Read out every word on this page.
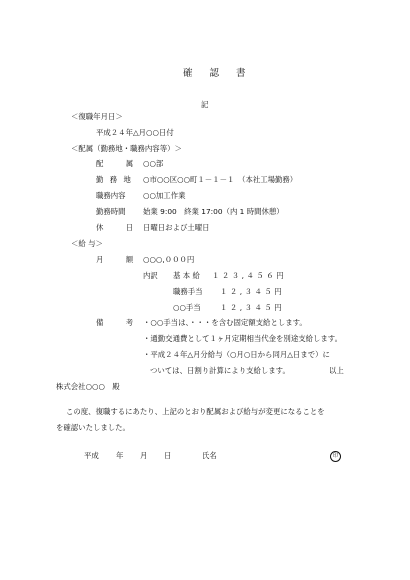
確 認 書
記
＜復職年月日＞
平成２４年△月○○日付
＜配属（勤務地・職務内容等）＞
配 属 ○○部
勤 務 地 ○市○○区○○町１－１－１　（本社工場勤務）
職務内容 ○○加工作業
勤務時間 始業 9:00　終業 17:00（内 1 時間休憩）
休 日 日曜日および土曜日
＜給 与＞
月 額 ○○○,０００円
内訳 基 本 給 １２３,４５６円
職務手当 １２,３４５円
○○手当	１２,３４５円
備 考 ・○○手当は、・・・を含む固定額支給とします。
・通勤交通費として１ヶ月定期相当代金を別途支給します。
・平成２４年△月分給与（○月○日から同月△日まで）に
ついては、日割り計算により支給します。	以上
株式会社○○○　殿
この度、復職するにあたり、上記のとおり配属および給与が変更になることを
を確認いたしました。
平成 年 月 日	氏名	印
